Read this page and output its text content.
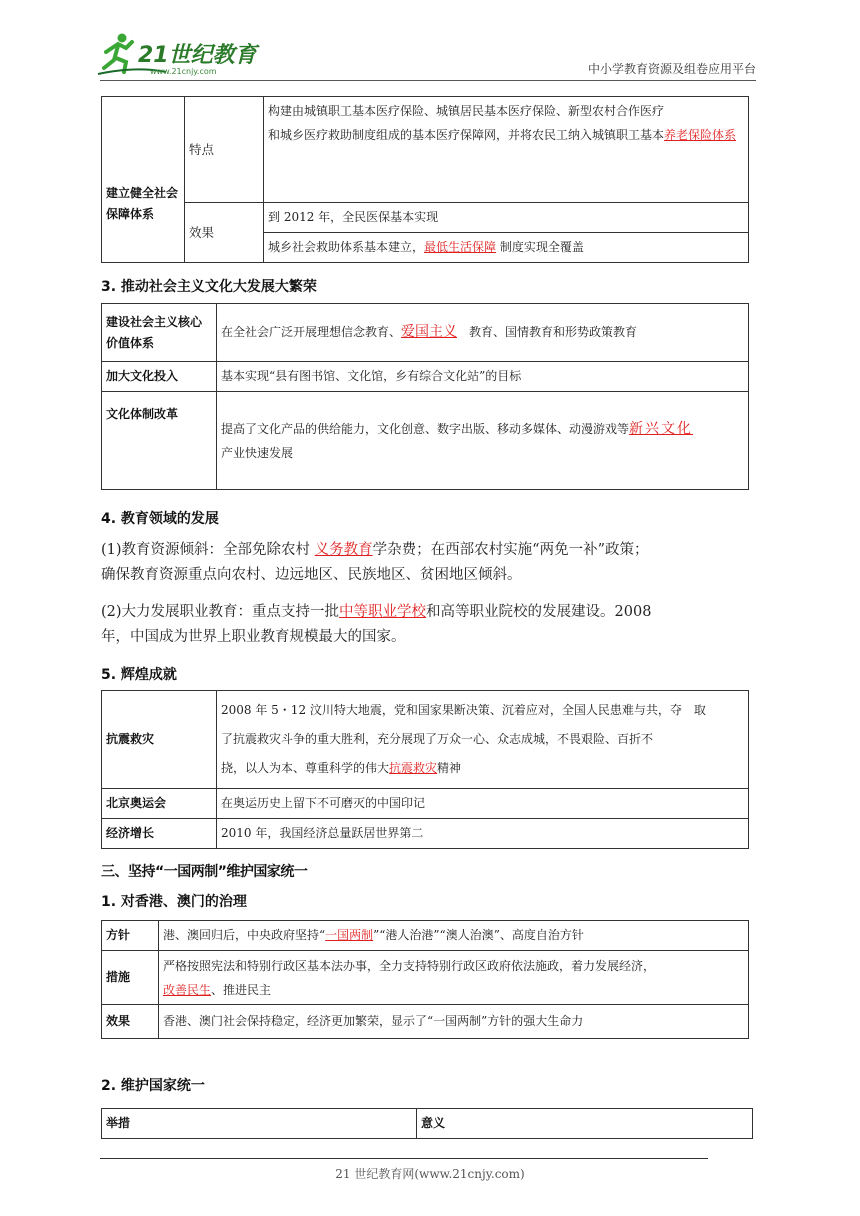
21世纪教育
www.21cnjy.com	中小学教育资源及组卷应用平台
建立健全社会保障体系	特点	构建由城镇职工基本医疗保险、城镇居民基本医疗保险、新型农村合作医疗
和城乡医疗救助制度组成的基本医疗保障网，并将农民工纳入城镇职工基本养老保险体系

	效果	到 2012 年，全民医保基本实现
		城乡社会救助体系基本建立，最低生活保障 制度实现全覆盖
3. 推动社会主义文化大发展大繁荣
建设社会主义核心价值体系	在全社会广泛开展理想信念教育、爱国主义　 教育、国情教育和形势政策教育
加大文化投入	基本实现“县有图书馆、文化馆，乡有综合文化站”的目标
文化体制改革	提高了文化产品的供给能力，文化创意、数字出版、移动多媒体、动漫游戏等新兴文化
产业快速发展
4. 教育领域的发展
(1)教育资源倾斜：全部免除农村 义务教育学杂费；在西部农村实施“两免一补”政策；
确保教育资源重点向农村、边远地区、民族地区、贫困地区倾斜。
(2)大力发展职业教育：重点支持一批中等职业学校和高等职业院校的发展建设。2008
年，中国成为世界上职业教育规模最大的国家。
5. 辉煌成就
抗震救灾	2008 年 5・12 汶川特大地震，党和国家果断决策、沉着应对，全国人民患难与共，夺　取
了抗震救灾斗争的重大胜利，充分展现了万众一心、众志成城，不畏艰险、百折不
挠，以人为本、尊重科学的伟大抗震救灾精神

北京奥运会	在奥运历史上留下不可磨灭的中国印记
经济增长	2010 年，我国经济总量跃居世界第二
三、坚持“一国两制”维护国家统一
1. 对香港、澳门的治理
方针	港、澳回归后，中央政府坚持“一国两制”“港人治港”“澳人治澳”、高度自治方针
措施	严格按照宪法和特别行政区基本法办事，全力支持特别行政区政府依法施政，着力发展经济，
改善民生、推进民主
效果	香港、澳门社会保持稳定，经济更加繁荣，显示了“一国两制”方针的强大生命力
2. 维护国家统一
举措	意义
21 世纪教育网(www.21cnjy.com)
